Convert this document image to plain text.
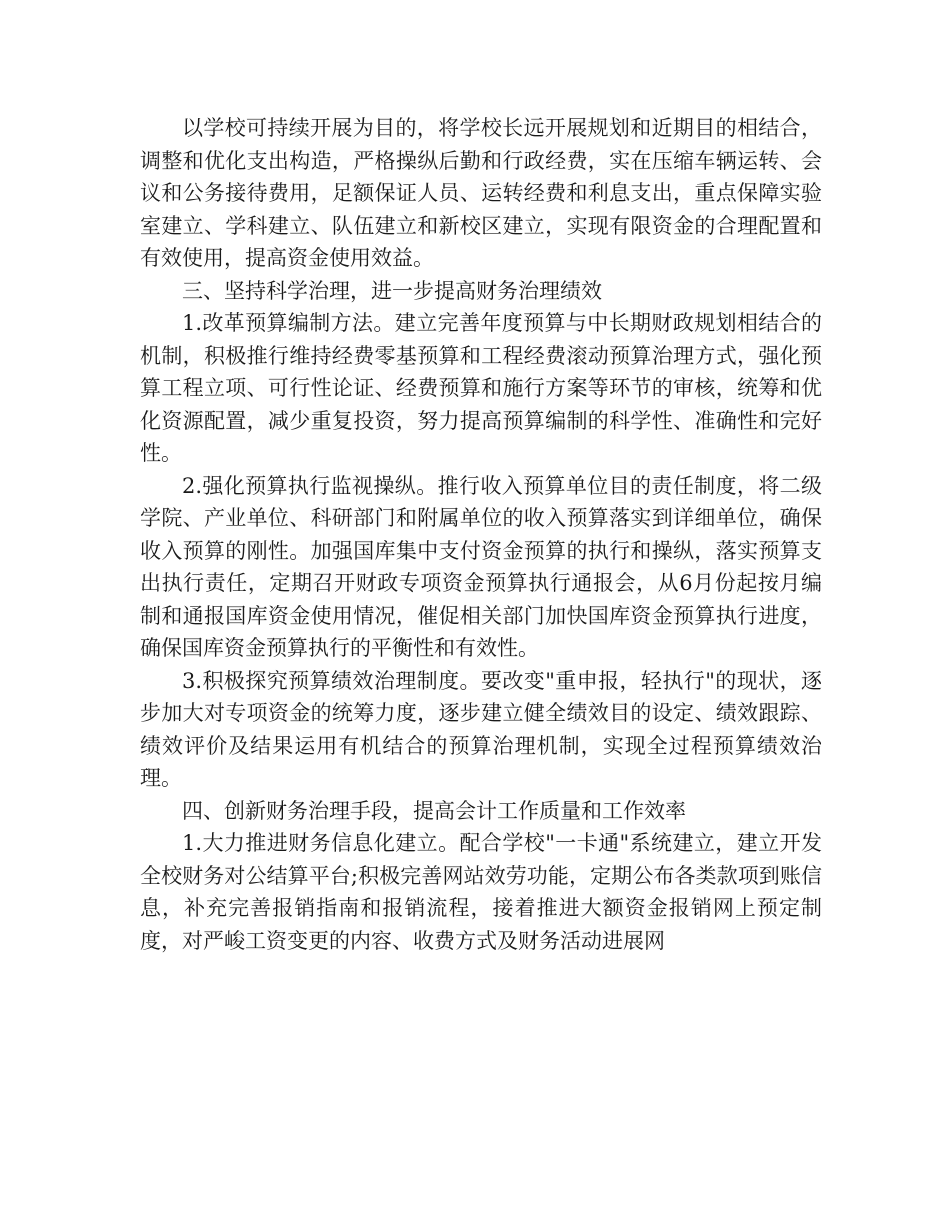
以学校可持续开展为目的，将学校长远开展规划和近期目的相结合，调整和优化支出构造，严格操纵后勤和行政经费，实在压缩车辆运转、会议和公务接待费用，足额保证人员、运转经费和利息支出，重点保障实验室建立、学科建立、队伍建立和新校区建立，实现有限资金的合理配置和有效使用，提高资金使用效益。

三、坚持科学治理，进一步提高财务治理绩效

1.改革预算编制方法。建立完善年度预算与中长期财政规划相结合的机制，积极推行维持经费零基预算和工程经费滚动预算治理方式，强化预算工程立项、可行性论证、经费预算和施行方案等环节的审核，统筹和优化资源配置，减少重复投资，努力提高预算编制的科学性、准确性和完好性。

2.强化预算执行监视操纵。推行收入预算单位目的责任制度，将二级学院、产业单位、科研部门和附属单位的收入预算落实到详细单位，确保收入预算的刚性。加强国库集中支付资金预算的执行和操纵，落实预算支出执行责任，定期召开财政专项资金预算执行通报会，从6月份起按月编制和通报国库资金使用情况，催促相关部门加快国库资金预算执行进度，确保国库资金预算执行的平衡性和有效性。

3.积极探究预算绩效治理制度。要改变"重申报，轻执行"的现状，逐步加大对专项资金的统筹力度，逐步建立健全绩效目的设定、绩效跟踪、绩效评价及结果运用有机结合的预算治理机制，实现全过程预算绩效治理。

四、创新财务治理手段，提高会计工作质量和工作效率

1.大力推进财务信息化建立。配合学校"一卡通"系统建立，建立开发全校财务对公结算平台;积极完善网站效劳功能，定期公布各类款项到账信息，补充完善报销指南和报销流程，接着推进大额资金报销网上预定制度，对严峻工资变更的内容、收费方式及财务活动进展网
